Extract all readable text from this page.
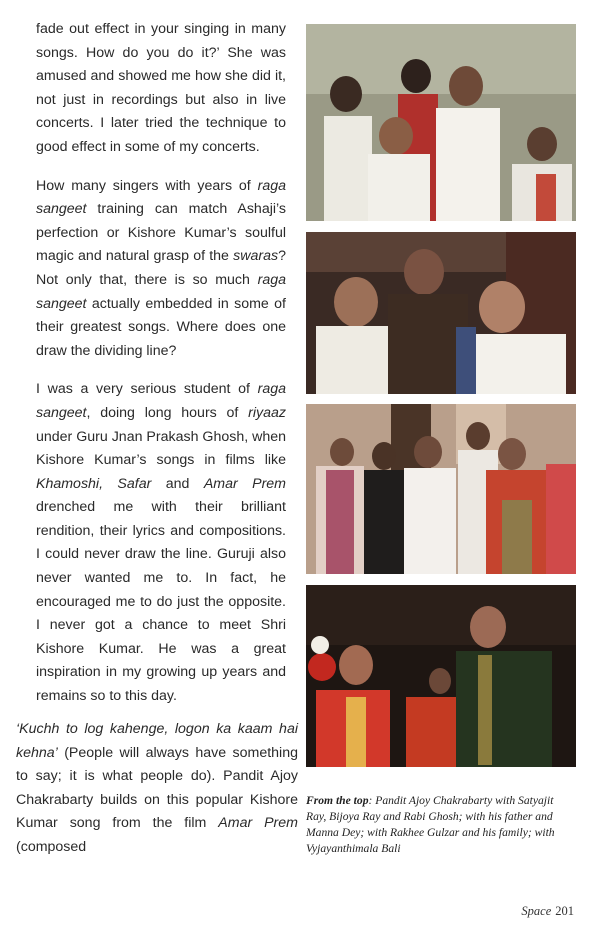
fade out effect in your singing in many songs. How do you do it?’ She was amused and showed me how she did it, not just in recordings but also in live concerts. I later tried the technique to good effect in some of my concerts.

How many singers with years of raga sangeet training can match Ashaji’s perfection or Kishore Kumar’s soulful magic and natural grasp of the swaras? Not only that, there is so much raga sangeet actually embedded in some of their greatest songs. Where does one draw the dividing line?

I was a very serious student of raga sangeet, doing long hours of riyaaz under Guru Jnan Prakash Ghosh, when Kishore Kumar’s songs in films like Khamoshi, Safar and Amar Prem drenched me with their brilliant rendition, their lyrics and compositions. I could never draw the line. Guruji also never wanted me to. In fact, he encouraged me to do just the opposite. I never got a chance to meet Shri Kishore Kumar. He was a great inspiration in my growing up years and remains so to this day.

‘Kuchh to log kahenge, logon ka kaam hai kehna’ (People will always have something to say; it is what people do). Pandit Ajoy Chakrabarty builds on this popular Kishore Kumar song from the film Amar Prem (composed

From the top: Pandit Ajoy Chakrabarty with Satyajit Ray, Bijoya Ray and Rabi Ghosh; with his father and Manna Dey; with Rakhee Gulzar and his family; with Vyjayanthimala Bali
Space 201
